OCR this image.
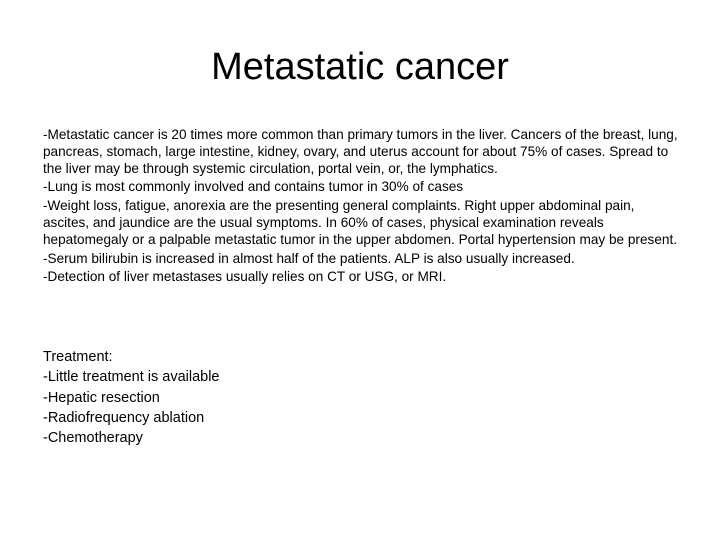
Metastatic cancer

-Metastatic cancer is 20 times more common than primary tumors in the liver. Cancers of the breast, lung, pancreas, stomach, large intestine, kidney, ovary, and uterus account for about 75% of cases. Spread to the liver may be through systemic circulation, portal vein, or, the lymphatics.

-Lung is most commonly involved and contains tumor in 30% of cases

-Weight loss, fatigue, anorexia are the presenting general complaints. Right upper abdominal pain, ascites, and jaundice are the usual symptoms. In 60% of cases, physical examination reveals hepatomegaly or a palpable metastatic tumor in the upper abdomen. Portal hypertension may be present.

-Serum bilirubin is increased in almost half of the patients. ALP is also usually increased.

-Detection of liver metastases usually relies on CT or USG, or MRI.

Treatment:

-Little treatment is available

-Hepatic resection

-Radiofrequency ablation

-Chemotherapy
